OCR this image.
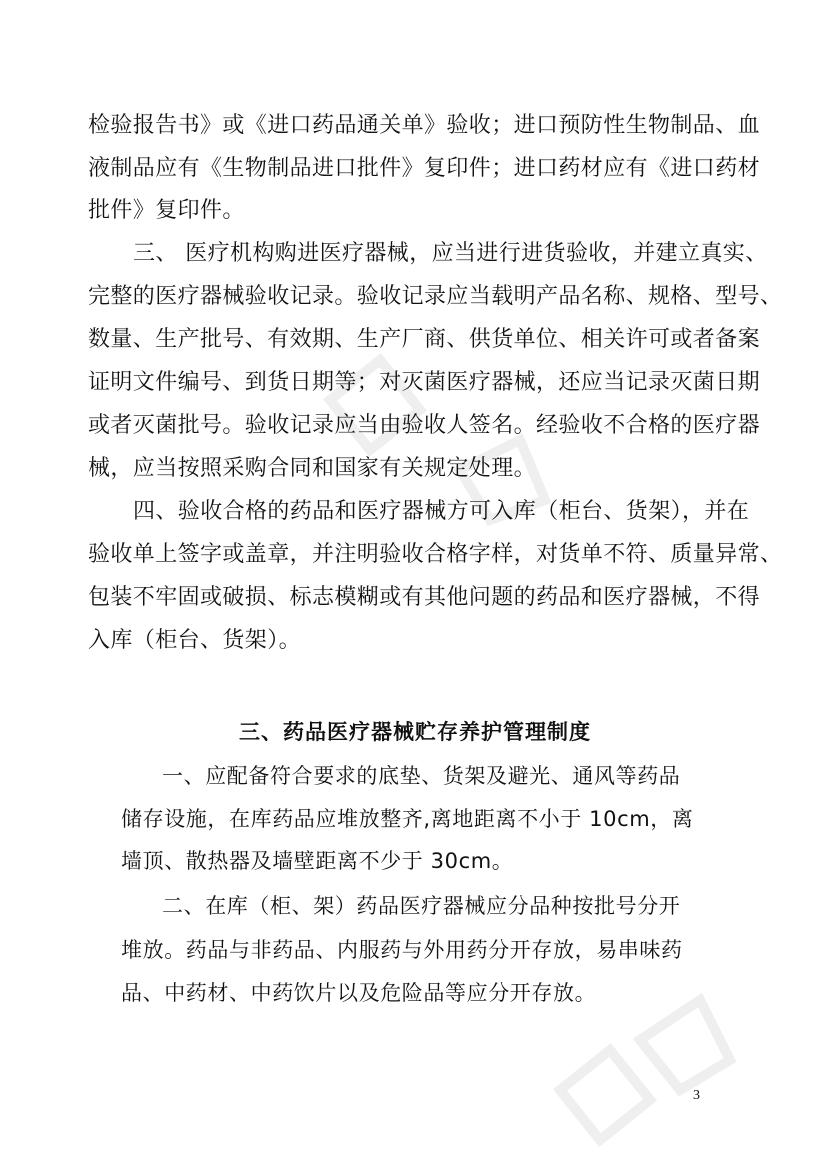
检验报告书》或《进口药品通关单》验收；进口预防性生物制品、血
液制品应有《生物制品进口批件》复印件；进口药材应有《进口药材
批件》复印件。
三、 医疗机构购进医疗器械，应当进行进货验收，并建立真实、
完整的医疗器械验收记录。验收记录应当载明产品名称、规格、型号、
数量、生产批号、有效期、生产厂商、供货单位、相关许可或者备案
证明文件编号、到货日期等；对灭菌医疗器械，还应当记录灭菌日期
或者灭菌批号。验收记录应当由验收人签名。经验收不合格的医疗器
械，应当按照采购合同和国家有关规定处理。
四、验收合格的药品和医疗器械方可入库（柜台、货架），并在
验收单上签字或盖章，并注明验收合格字样，对货单不符、质量异常、
包装不牢固或破损、标志模糊或有其他问题的药品和医疗器械，不得
入库（柜台、货架）。
三、药品医疗器械贮存养护管理制度
一、应配备符合要求的底垫、货架及避光、通风等药品
储存设施，在库药品应堆放整齐,离地距离不小于 10cm，离
墙顶、散热器及墙壁距离不少于 30cm。
二、在库（柜、架）药品医疗器械应分品种按批号分开
堆放。药品与非药品、内服药与外用药分开存放，易串味药
品、中药材、中药饮片以及危险品等应分开存放。
3
